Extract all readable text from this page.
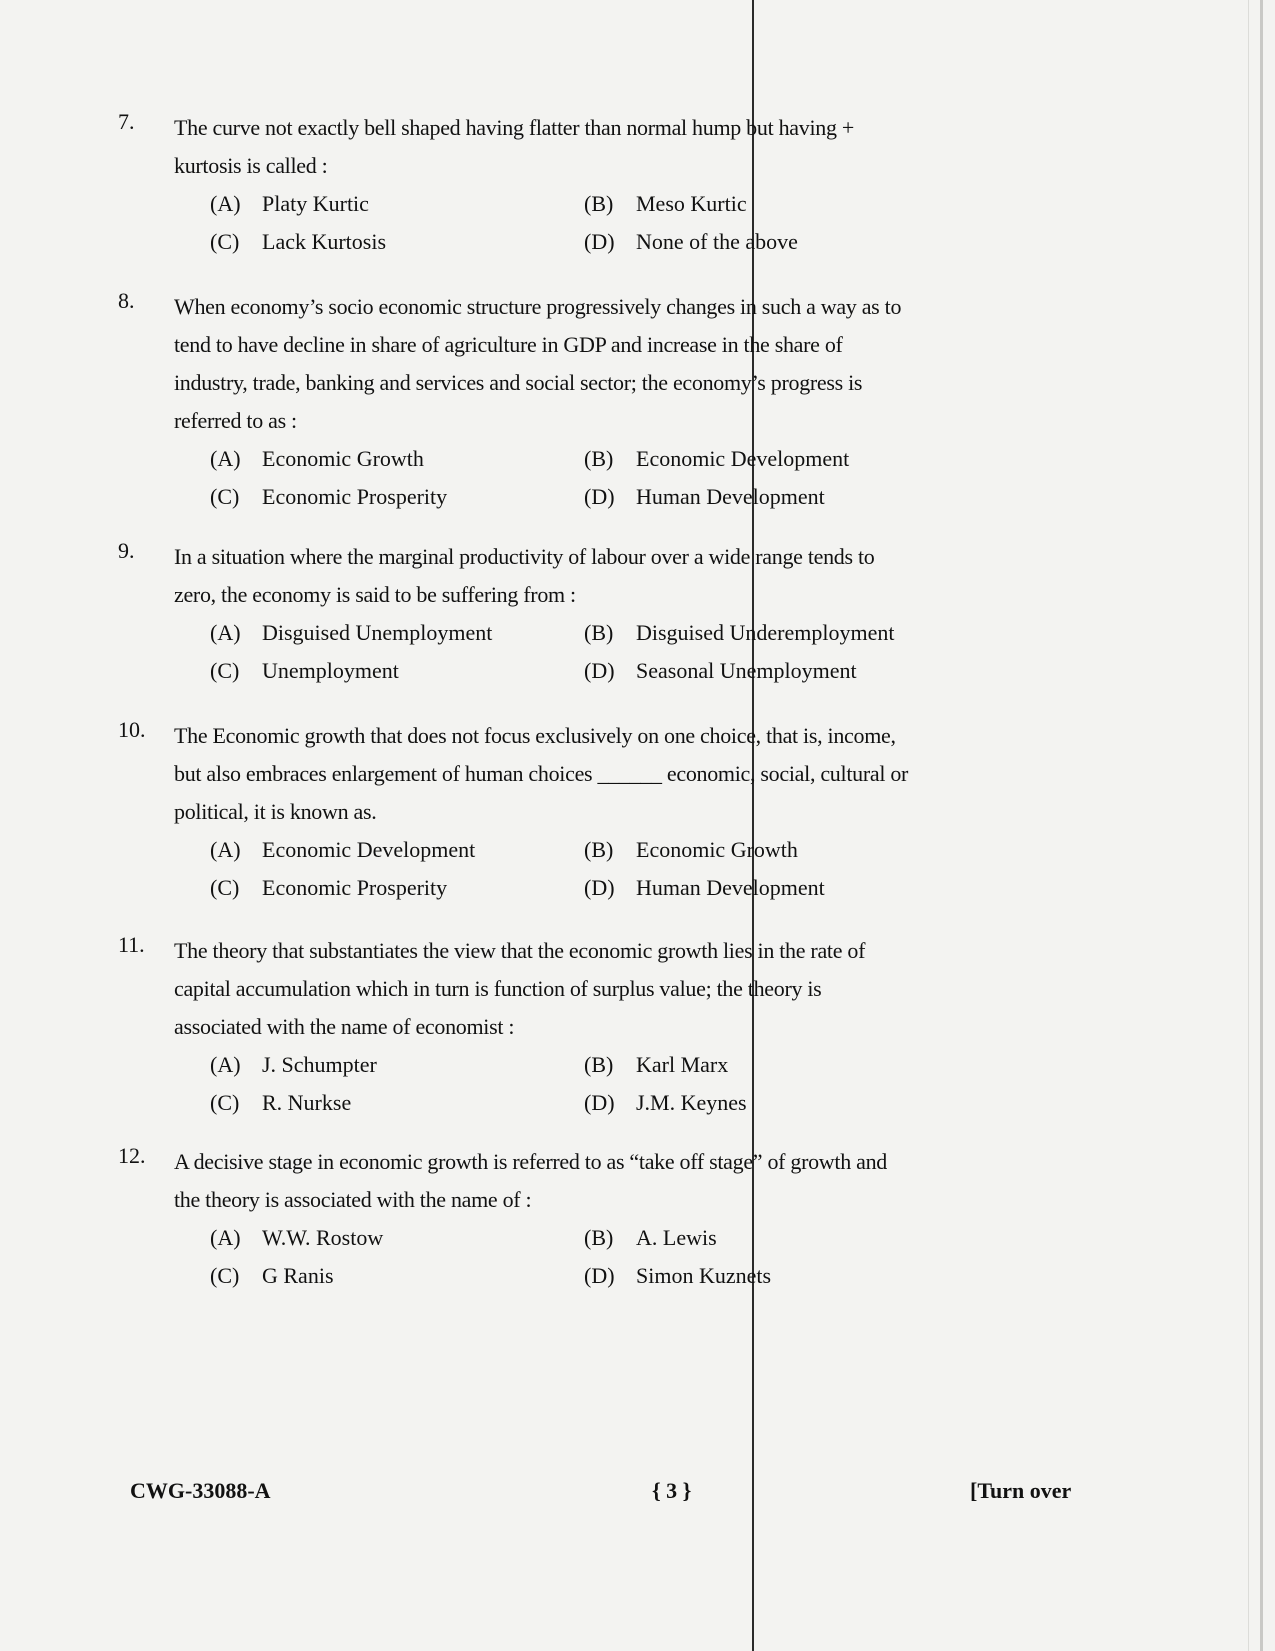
7.	The curve not exactly bell shaped having flatter than normal hump but having + kurtosis is called :
(A) Platy Kurtic	(B)	Meso Kurtic
(C)	Lack Kurtosis	(D) None of the above
8.	When economy’s socio economic structure progressively changes in such a way as to tend to have decline in share of agriculture in GDP and increase in the share of industry, trade, banking and services and social sector; the economy’s progress is referred to as :
(A) Economic Growth	(B)	Economic Development
(C)	Economic Prosperity	(D) Human Development
9.	In a situation where the marginal productivity of labour over a wide range tends to zero, the economy is said to be suffering from :
(A) Disguised Unemployment	(B)	Disguised Underemployment
(C)	Unemployment	(D) Seasonal Unemployment
10.	The Economic growth that does not focus exclusively on one choice, that is, income, but also embraces enlargement of human choices ______ economic, social, cultural or political, it is known as.
(A) Economic Development	(B)	Economic Growth
(C)	Economic Prosperity	(D) Human Development
11.	The theory that substantiates the view that the economic growth lies in the rate of capital accumulation which in turn is function of surplus value; the theory is associated with the name of economist :
(A) J. Schumpter	(B)	Karl Marx
(C)	R. Nurkse	(D) J.M. Keynes
12.	A decisive stage in economic growth is referred to as “take off stage” of growth and the theory is associated with the name of :
(A) W.W. Rostow	(B)	A. Lewis
(C)	G Ranis	(D) Simon Kuznets
CWG-33088-A	{ 3 }	[Turn over
